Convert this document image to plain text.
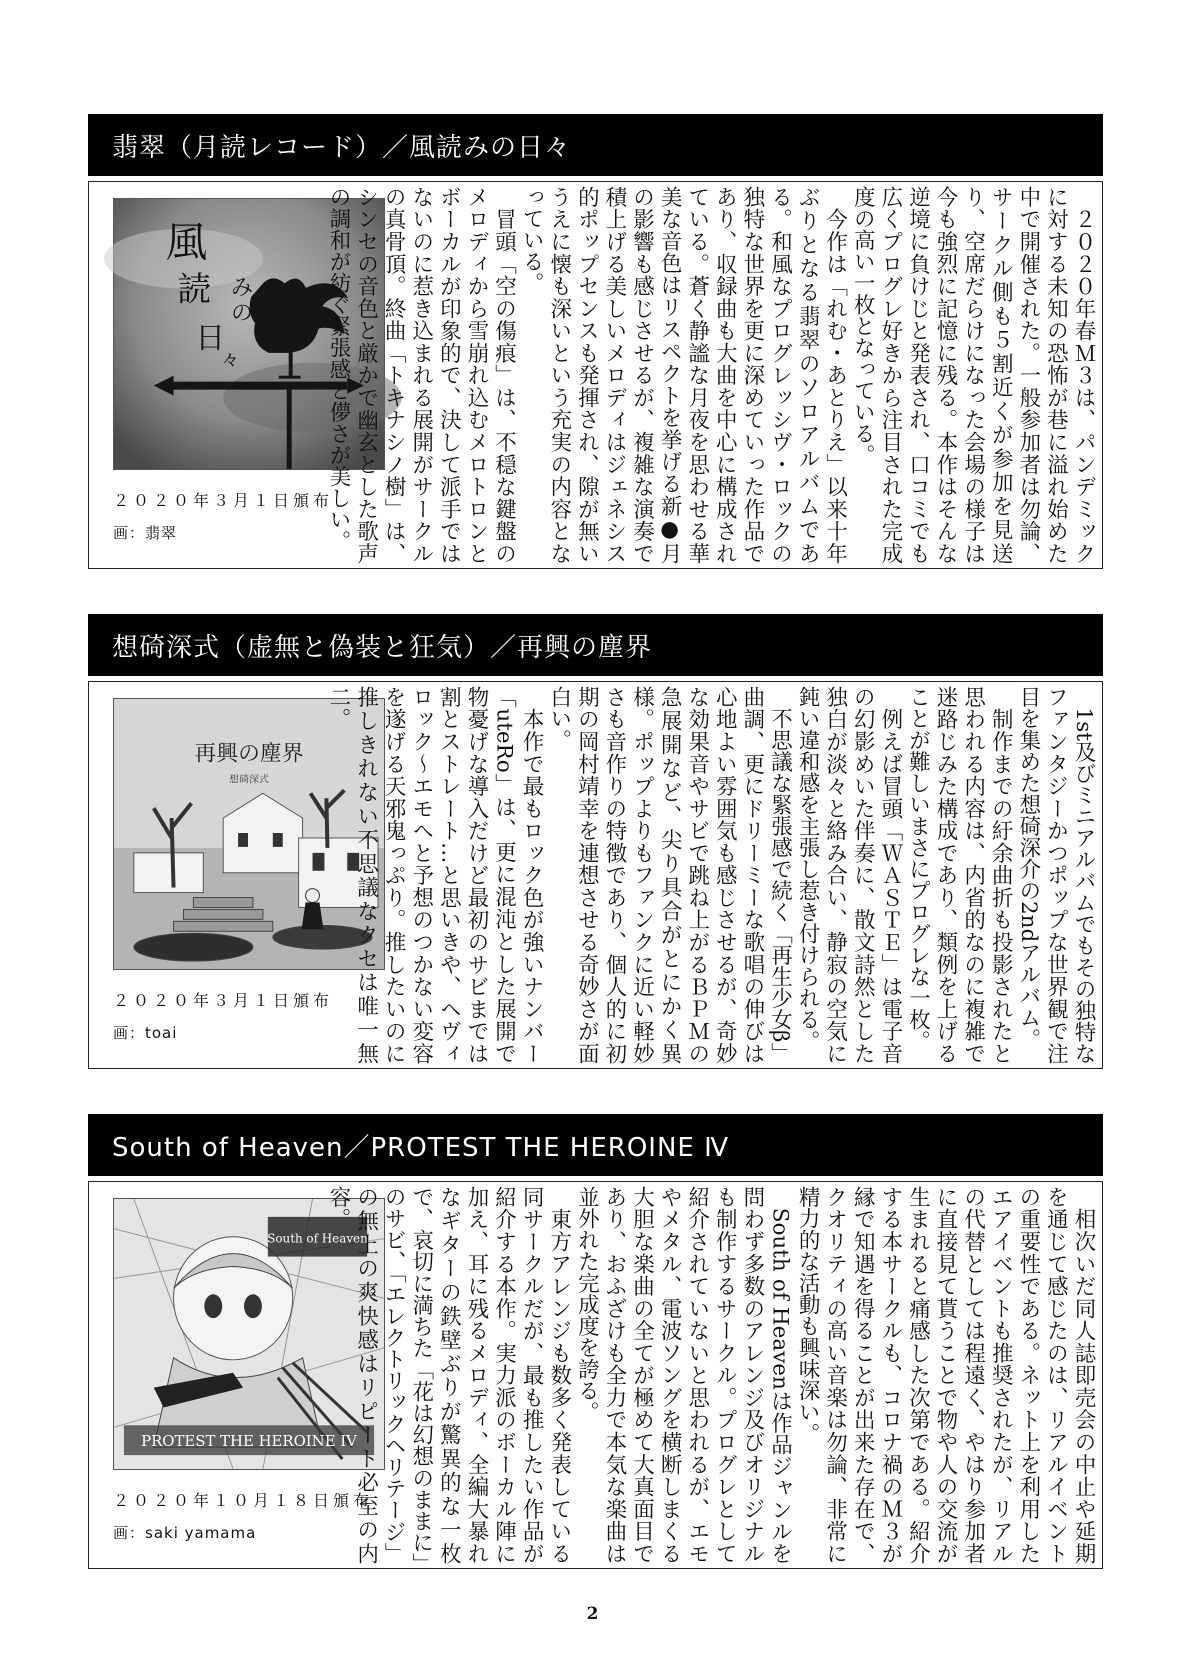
翡翠（月読レコード）／風読みの日々
風
読 み
の
日
々
２０２０年３月１日頒布
画：翡翠	　２０２０年春Ｍ３は、パンデミックに対する未知の恐怖が巷に溢れ始めた中で開催された。一般参加者は勿論、サークル側も５割近くが参加を見送り、空席だらけになった会場の様子は今も強烈に記憶に残る。本作はそんな逆境に負けじと発表され、口コミでも広くプログレ好きから注目された完成度の高い一枚となっている。
　今作は「れむ・あとりえ」以来十年ぶりとなる翡翠のソロアルバムである。和風なプログレッシヴ・ロックの独特な世界を更に深めていった作品であり、収録曲も大曲を中心に構成されている。蒼く静謐な月夜を思わせる華美な音色はリスペクトを挙げる新●月の影響も感じさせるが、複雑な演奏で積上げる美しいメロディはジェネシス的ポップセンスも発揮され、隙が無いうえに懐も深いという充実の内容となっている。
　冒頭「空の傷痕」は、不穏な鍵盤のメロディから雪崩れ込むメロトロンとボーカルが印象的で、決して派手ではないのに惹き込まれる展開がサークルの真骨頂。終曲「トキナシノ樹」は、シンセの音色と厳かで幽玄とした歌声の調和が紡ぐ緊張感と儚さが美しい。
想碕深式（虚無と偽装と狂気）／再興の塵界
再興の塵界
想碕深式
２０２０年３月１日頒布
画：toai	　1st及びミニアルバムでもその独特なファンタジーかつポップな世界観で注目を集めた想碕深介の2ndアルバム。
　制作までの紆余曲折も投影されたと思われる内容は、内省的なのに複雑で迷路じみた構成であり、類例を上げることが難しいまさにプログレな一枚。
　例えば冒頭「ＷＡＳＴＥ」は電子音の幻影めいた伴奏に、散文詩然とした独白が淡々と絡み合い、静寂の空気に鈍い違和感を主張し惹き付けられる。
　不思議な緊張感で続く「再生少女β」曲調、更にドリーミーな歌唱の伸びは心地よい雰囲気も感じさせるが、奇妙な効果音やサビで跳ね上がるＢＰＭの急展開など、尖り具合がとにかく異様。ポップよりもファンクに近い軽妙さも音作りの特徴であり、個人的に初期の岡村靖幸を連想させる奇妙さが面白い。
　本作で最もロック色が強いナンバー「uteRo」は、更に混沌とした展開で物憂げな導入だけど最初のサビまでは割とストレート…と思いきや、ヘヴィロック～エモへと予想のつかない変容を遂げる天邪鬼っぷり。推したいのに推しきれない不思議なクセは唯一無二。
South of Heaven／PROTEST THE HEROINE Ⅳ
South of Heaven
PROTEST THE HEROINE IV
２０２０年１０月１８日頒布
画：saki yamama	　相次いだ同人誌即売会の中止や延期を通じて感じたのは、リアルイベントの重要性である。ネット上を利用したエアイベントも推奨されたが、リアルの代替としては程遠く、やはり参加者に直接見て貰うことで物や人の交流が生まれると痛感した次第である。紹介する本サークルも、コロナ禍のＭ３が縁で知遇を得ることが出来た存在で、クオリティの高い音楽は勿論、非常に精力的な活動も興味深い。
　South of Heavenは作品ジャンルを問わず多数のアレンジ及びオリジナルも制作するサークル。プログレとして紹介されていないと思われるが、エモやメタル、電波ソングを横断しまくる大胆な楽曲の全てが極めて大真面目であり、おふざけも全力で本気な楽曲は並外れた完成度を誇る。
　東方アレンジも数多く発表している同サークルだが、最も推したい作品が紹介する本作。実力派のボーカル陣に加え、耳に残るメロディ、全編大暴れなギターの鉄壁ぶりが驚異的な一枚で、哀切に満ちた「花は幻想のままに」のサビ、「エレクトリックヘリテージ」の無上の爽快感はリピート必至の内容。
2
